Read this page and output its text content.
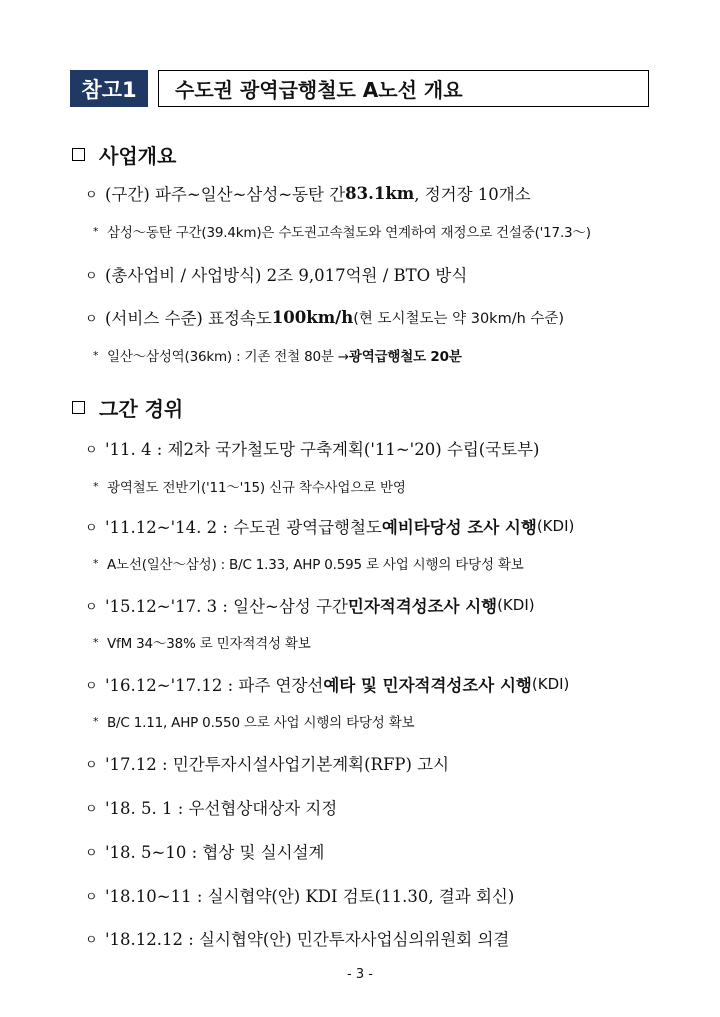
참고1	수도권 광역급행철도 A노선 개요
사업개요
ㅇ (구간) 파주~일산~삼성~동탄 간 83.1km , 정거장 10개소
* 삼성～동탄 구간(39.4km)은 수도권고속철도와 연계하여 재정으로 건설중('17.3～)
ㅇ (총사업비 / 사업방식) 2조 9,017억원 / BTO 방식
ㅇ (서비스 수준) 표정속도 100km/h (현 도시철도는 약 30km/h 수준)
* 일산～삼성역(36km) : 기존 전철 80분 → 광역급행철도 20분
그간 경위
ㅇ '11. 4 : 제2차 국가철도망 구축계획('11~'20) 수립(국토부)
* 광역철도 전반기('11～'15) 신규 착수사업으로 반영
ㅇ '11.12~'14. 2 : 수도권 광역급행철도 예비타당성 조사 시행 (KDI)
* A노선(일산～삼성) : B/C 1.33, AHP 0.595 로 사업 시행의 타당성 확보
ㅇ '15.12~'17. 3 : 일산~삼성 구간 민자적격성조사 시행 (KDI)
* VfM 34～38% 로 민자적격성 확보
ㅇ '16.12~'17.12 : 파주 연장선 예타 및 민자적격성조사 시행 (KDI)
* B/C 1.11, AHP 0.550 으로 사업 시행의 타당성 확보
ㅇ '17.12 : 민간투자시설사업기본계획(RFP) 고시
ㅇ '18. 5. 1 : 우선협상대상자 지정
ㅇ '18. 5~10 : 협상 및 실시설계
ㅇ '18.10~11 : 실시협약(안) KDI 검토(11.30, 결과 회신)
ㅇ '18.12.12 : 실시협약(안) 민간투자사업심의위원회 의결
- 3 -
